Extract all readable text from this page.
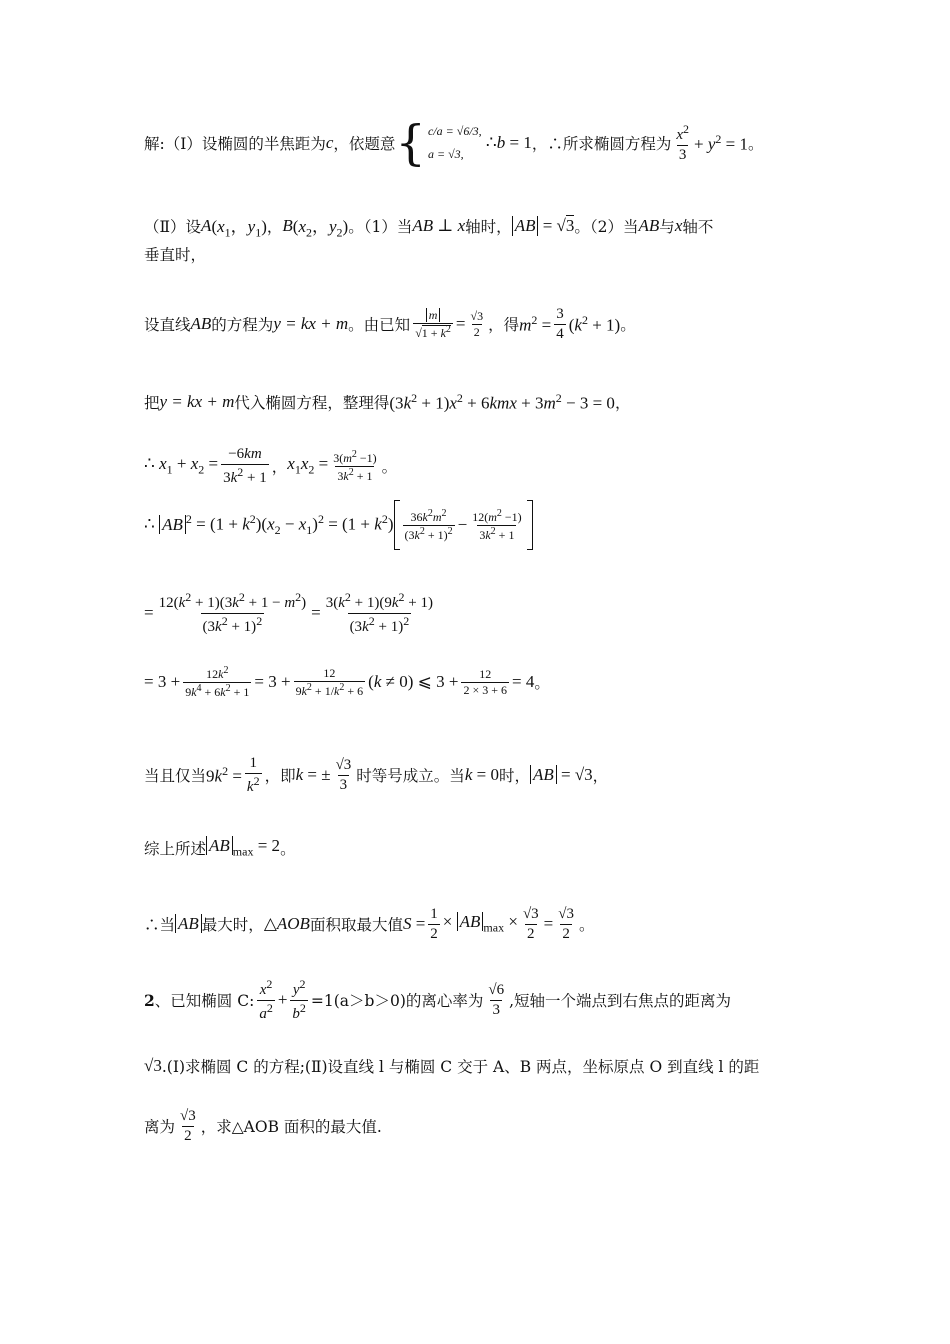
解:（Ⅰ）设椭圆的半焦距为 c ，依题意 { c/a = √6/3,
a = √3,
∴b = 1 ，∴所求椭圆方程为 $\frac{x^2}{3} + y^2 = 1$ 。
（Ⅱ）设 A ($x_1$，$y_1$) ， B ($x_2$，$y_2$) 。（1）当 AB ⊥ x 轴时， AB = √3 。（2）当 AB 与 x 轴不
垂直时，
设直线 AB 的方程为 y = kx + m 。由已知 $\frac{m}{√1 + k^2} = \frac{√3}{2}$ ，得 $m^2 = \frac{3}{4} (k^2 + 1)$ 。
把 y = kx + m 代入椭圆方程，整理得 $(3k^2 + 1)x^2 + 6kmx + 3m^2 - 3 = 0$ ，
∴ $x_1 + x_2 = \frac{-6km}{3k^2 + 1}$ ， $x_1x_2 = \frac{3(m^2 -1)}{3k^2 + 1}$ 。
∴ AB $^2 = (1 + k^2)(x_2 - x_1)^2 = (1 + k^2) \frac{36k^2m^2}{(3k^2 + 1)^2} - \frac{12(m^2 -1)}{3k^2 + 1}$
= $\frac{12(k^2 + 1)(3k^2 + 1 - m^2)}{(3k^2 + 1)^2} = \frac{3(k^2 + 1)(9k^2 + 1)}{(3k^2 + 1)^2}$
= $3 + \frac{12k^2}{9k^4 + 6k^2 + 1} = 3 + \frac{12}{9k^2 + 1/k^2 + 6} (k \ne 0)$ ⩽ $3 + \frac{12}{2 \times 3 + 6} = 4$ 。
当且仅当 $9k^2 = \frac{1}{k^2}$ ，即 k = ± $\frac{√3}{3}$ 时等号成立。当 k = 0 时， AB = √3 ，
综上所述 AB $_{max}$ = 2 。
∴当 AB 最大时， △AOB 面积取最大值 $S = \frac{1}{2}$ × AB $_{max} \times \frac{√3}{2} = \frac{√3}{2}$ 。
2 、已知椭圆 C: $\frac{x^2}{a^2} + \frac{y^2}{b^2} =1(a>b>0)$的离心率为 $\frac{√6}{3}$ ,短轴一个端点到右焦点的距离为
√3 .(Ⅰ)求椭圆 C 的方程;(Ⅱ)设直线 l 与椭圆 C 交于 A、B 两点，坐标原点 O 到直线 l 的距
离为 $\frac{√3}{2}$ ，求△AOB 面积的最大值.
